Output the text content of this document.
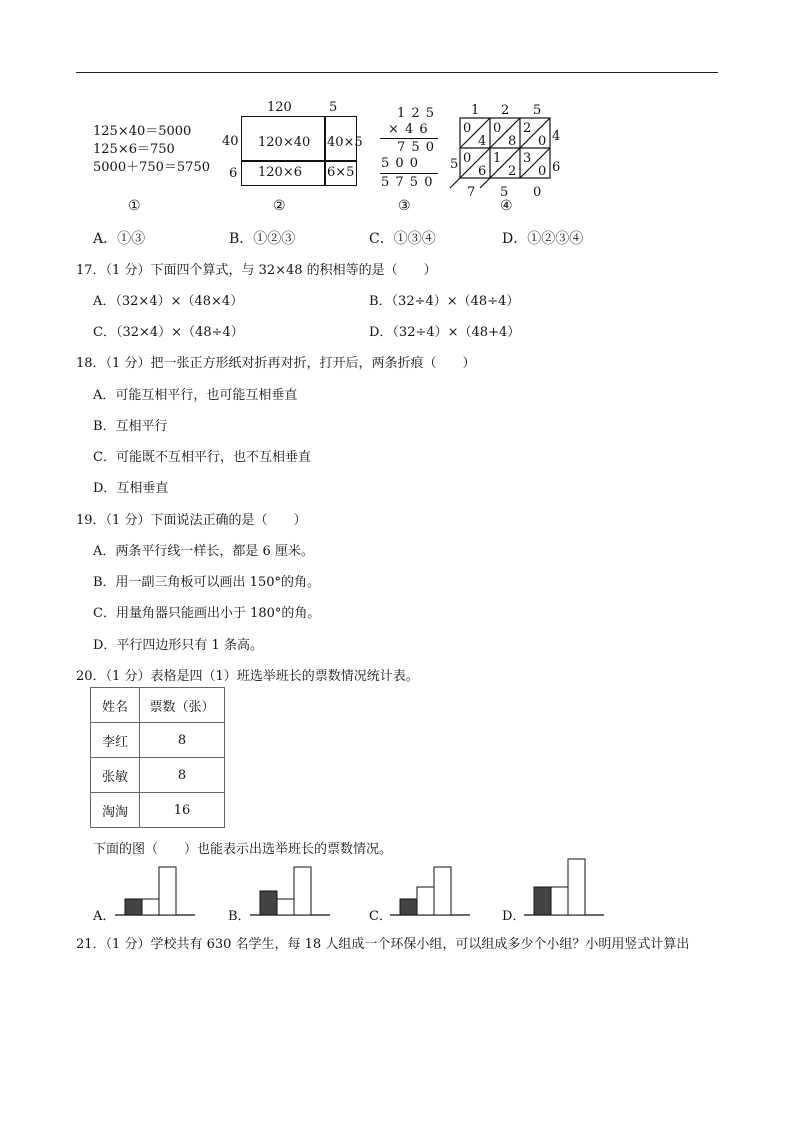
125×40＝5000
125×6＝750
5000＋750＝5750
120	5
40
6
120×40 40×5
120×6 6×5
1 2 5
× 4 6
7 5 0
5 0 0
5 7 5 0
1 2 5
4
6
5
7 5 0
0
4
0
8
2
0
0
6
1
2
3
0
①	②	③	④
A．①③	B．①②③	C．①③④	D．①②③④
17．（1 分）下面四个算式，与 32×48 的积相等的是（　　）
A．（32×4）×（48×4）	B．（32÷4）×（48÷4）
C．（32×4）×（48÷4）	D．（32÷4）×（48+4）
18．（1 分）把一张正方形纸对折再对折，打开后，两条折痕（　　）
A．可能互相平行，也可能互相垂直
B．互相平行
C．可能既不互相平行，也不互相垂直
D．互相垂直
19．（1 分）下面说法正确的是（　　）
A．两条平行线一样长，都是 6 厘米。
B．用一副三角板可以画出 150°的角。
C．用量角器只能画出小于 180°的角。
D．平行四边形只有 1 条高。
20．（1 分）表格是四（1）班选举班长的票数情况统计表。
姓名	票数（张）
李红	8
张敏	8
淘淘	16
下面的图（　　）也能表示出选举班长的票数情况。
A．	B．	C．	D．
21．（1 分）学校共有 630 名学生，每 18 人组成一个环保小组，可以组成多少个小组？小明用竖式计算出
